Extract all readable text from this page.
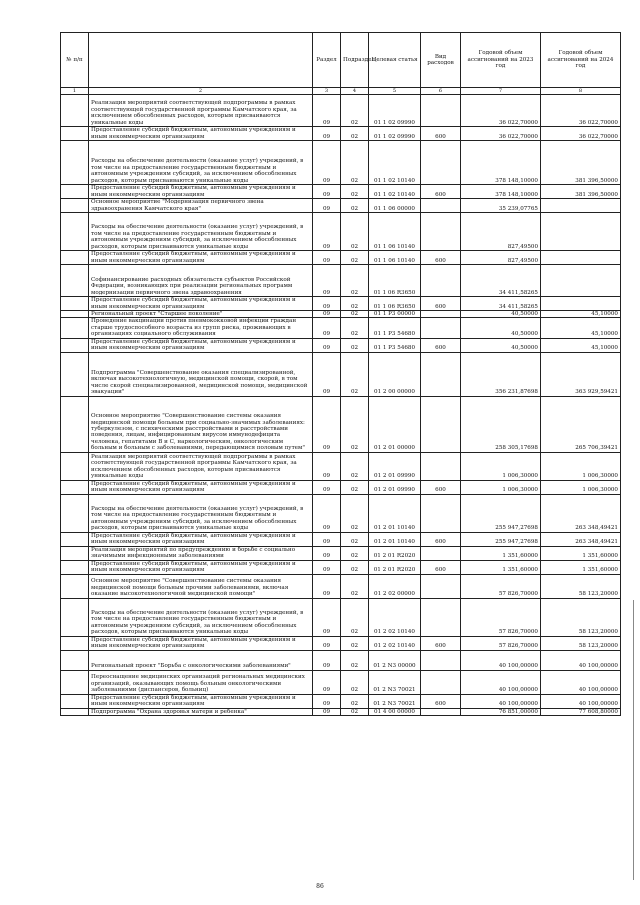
№ п/п		Раздел	Подраздел	Целевая статья	Вид расходов	Годовой объем ассигнований на 2023 год	Годовой объем ассигнований на 2024 год
1	2	3	4	5	6	7	8
	Реализация мероприятий соответствующей подпрограммы в рамках соответствующей государственной программы Камчатского края, за исключением обособленных расходов, которым присваиваются уникальные коды	09	02	01 1 02 09990		36 022,70000	36 022,70000
	Предоставление субсидий бюджетным, автономным учреждениям и иным некоммерческим организациям	09	02	01 1 02 09990	600	36 022,70000	36 022,70000
	Расходы на обеспечение деятельности (оказание услуг) учреждений, в том числе на предоставление государственным бюджетным и автономным учреждениям субсидий, за исключением обособленных расходов, которым присваиваются уникальные коды	09	02	01 1 02 10140		378 148,10000	381 396,50000
	Предоставление субсидий бюджетным, автономным учреждениям и иным некоммерческим организациям	09	02	01 1 02 10140	600	378 148,10000	381 396,50000
	Основное мероприятие "Модернизация первичного звена здравоохранения Камчатского края"	09	02	01 1 06 00000		35 239,07765	
	Расходы на обеспечение деятельности (оказание услуг) учреждений, в том числе на предоставление государственным бюджетным и автономным учреждениям субсидий, за исключением обособленных расходов, которым присваиваются уникальные коды	09	02	01 1 06 10140		827,49500	
	Предоставление субсидий бюджетным, автономным учреждениям и иным некоммерческим организациям	09	02	01 1 06 10140	600	827,49500	
	Софинансирование расходных обязательств субъектов Российской Федерации, возникающих при реализации региональных программ модернизации первичного звена здравоохранения	09	02	01 1 06 R3650		34 411,58265	
	Предоставление субсидий бюджетным, автономным учреждениям и иным некоммерческим организациям	09	02	01 1 06 R3650	600	34 411,58265	
	Региональный проект "Старшее поколение"	09	02	01 1 P3 00000		40,50000	45,10000
	Проведение вакцинации против пневмококковой инфекции граждан старше трудоспособного возраста из групп риска, проживающих в организациях социального обслуживания	09	02	01 1 P3 54680		40,50000	45,10000
	Предоставление субсидий бюджетным, автономным учреждениям и иным некоммерческим организациям	09	02	01 1 P3 54680	600	40,50000	45,10000
	Подпрограмма "Совершенствование оказания специализированной, включая высокотехнологичную, медицинской помощи, скорой, в том числе скорой специализированной, медицинской помощи, медицинской эвакуации"	09	02	01 2 00 00000		356 231,87698	363 929,59421
	Основное мероприятие "Совершенствование системы оказания медицинской помощи больным при социально-значимых заболеваниях: туберкулезом, с психическими расстройствами и расстройствами поведения, лицам, инфицированным вирусом иммунодефицита человека, гепатитами В и С, наркологическим, онкологическим больным и больным с заболеваниями, передающимися половым путем"	09	02	01 2 01 00000		258 305,17698	265 706,39421
	Реализация мероприятий соответствующей подпрограммы в рамках соответствующей государственной программы Камчатского края, за исключением обособленных расходов, которым присваиваются уникальные коды	09	02	01 2 01 09990		1 006,30000	1 006,30000
	Предоставление субсидий бюджетным, автономным учреждениям и иным некоммерческим организациям	09	02	01 2 01 09990	600	1 006,30000	1 006,30000
	Расходы на обеспечение деятельности (оказание услуг) учреждений, в том числе на предоставление государственным бюджетным и автономным учреждениям субсидий, за исключением обособленных расходов, которым присваиваются уникальные коды	09	02	01 2 01 10140		255 947,27698	263 348,49421
	Предоставление субсидий бюджетным, автономным учреждениям и иным некоммерческим организациям	09	02	01 2 01 10140	600	255 947,27698	263 348,49421
	Реализация мероприятий по предупреждению и борьбе с социально значимыми инфекционными заболеваниями	09	02	01 2 01 R2020		1 351,60000	1 351,60000
	Предоставление субсидий бюджетным, автономным учреждениям и иным некоммерческим организациям	09	02	01 2 01 R2020	600	1 351,60000	1 351,60000
	Основное мероприятие "Совершенствование системы оказания медицинской помощи больным прочими заболеваниями, включая оказание высокотехнологичной медицинской помощи"	09	02	01 2 02 00000		57 826,70000	58 123,20000
	Расходы на обеспечение деятельности (оказание услуг) учреждений, в том числе на предоставление государственным бюджетным и автономным учреждениям субсидий, за исключением обособленных расходов, которым присваиваются уникальные коды	09	02	01 2 02 10140		57 826,70000	58 123,20000
	Предоставление субсидий бюджетным, автономным учреждениям и иным некоммерческим организациям	09	02	01 2 02 10140	600	57 826,70000	58 123,20000
	Региональный проект "Борьба с онкологическими заболеваниями"	09	02	01 2 N3 00000		40 100,00000	40 100,00000
	Переоснащение медицинских организаций региональных медицинских организаций, оказывающих помощь больным онкологическими заболеваниями (диспансеров, больниц)	09	02	01 2 N3 70021		40 100,00000	40 100,00000
	Предоставление субсидий бюджетным, автономным учреждениям и иным некоммерческим организациям	09	02	01 2 N3 70021	600	40 100,00000	40 100,00000
	Подпрограмма "Охрана здоровья матери и ребенка"	09	02	01 4 00 00000		76 851,00000	77 608,80000
86
